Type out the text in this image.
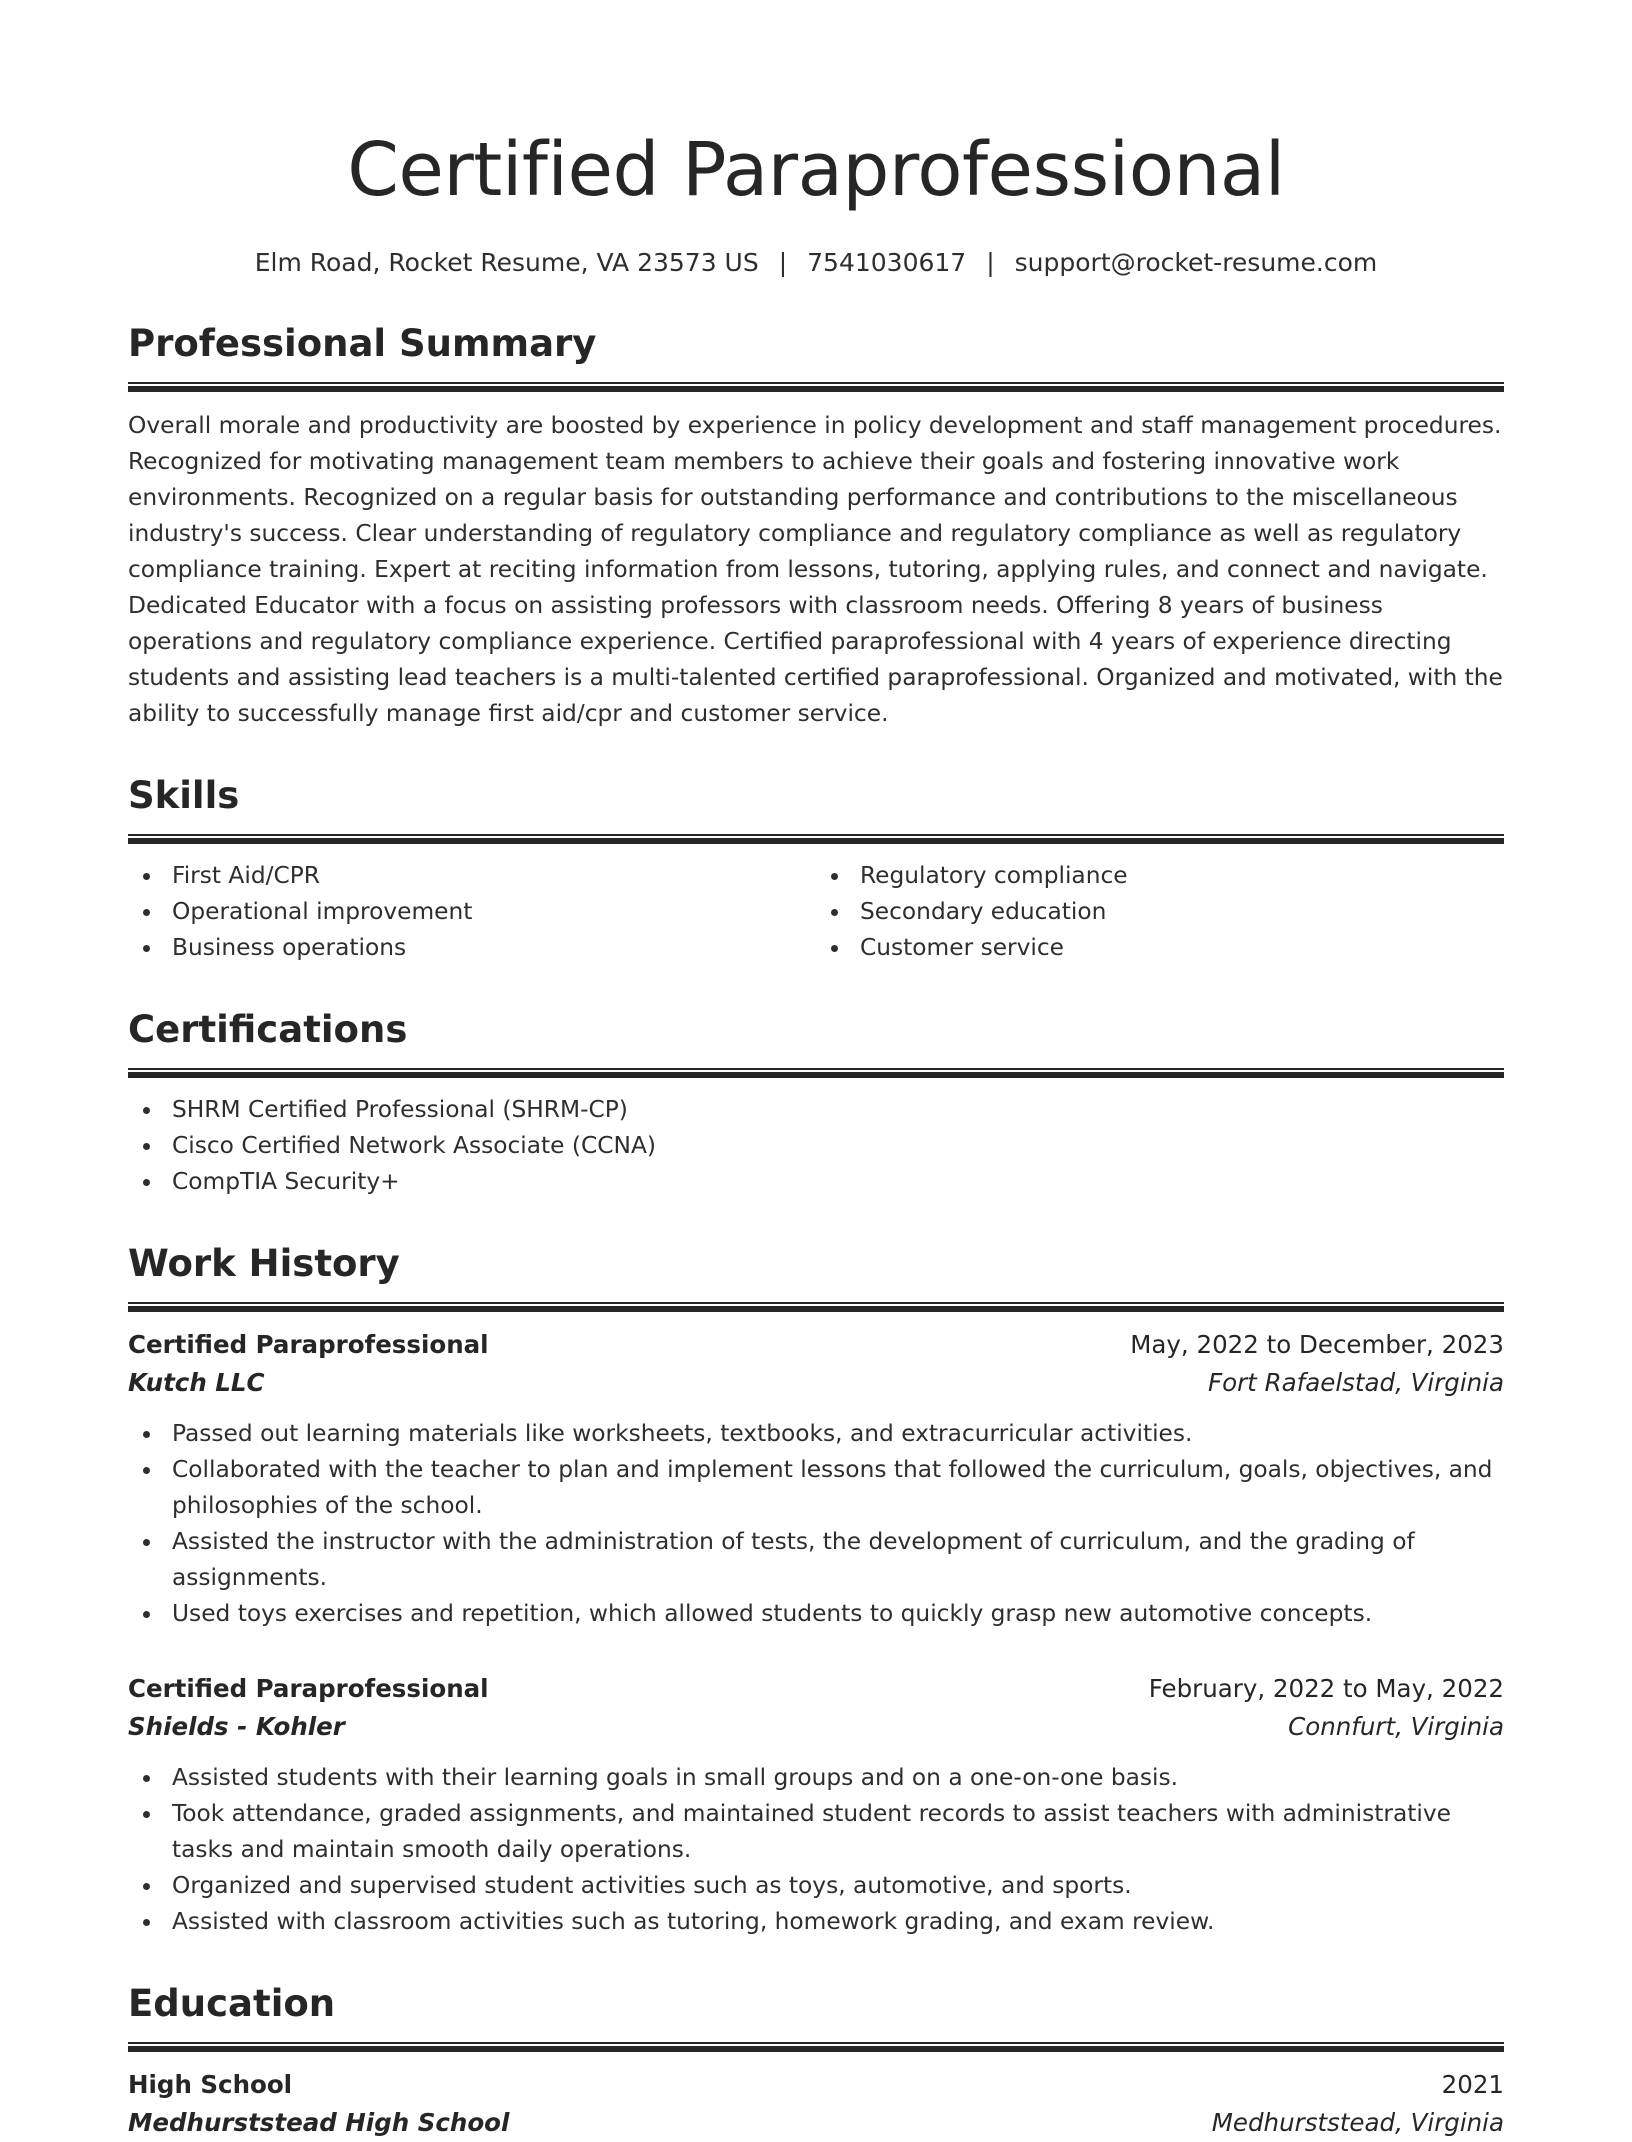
Certified Paraprofessional
Elm Road, Rocket Resume, VA 23573 US | 7541030617 | support@rocket-resume.com
Professional Summary

Overall morale and productivity are boosted by experience in policy development and staff management procedures. Recognized for motivating management team members to achieve their goals and fostering innovative work environments. Recognized on a regular basis for outstanding performance and contributions to the miscellaneous industry's success. Clear understanding of regulatory compliance and regulatory compliance as well as regulatory compliance training. Expert at reciting information from lessons, tutoring, applying rules, and connect and navigate. Dedicated Educator with a focus on assisting professors with classroom needs. Offering 8 years of business operations and regulatory compliance experience. Certified paraprofessional with 4 years of experience directing students and assisting lead teachers is a multi-talented certified paraprofessional. Organized and motivated, with the ability to successfully manage first aid/cpr and customer service.

Skills
First Aid/CPR
Operational improvement
Business operations
Regulatory compliance
Secondary education
Customer service
Certifications
SHRM Certified Professional (SHRM-CP)
Cisco Certified Network Associate (CCNA)
CompTIA Security+
Work History
Certified Paraprofessional	May, 2022 to December, 2023
Kutch LLC	Fort Rafaelstad, Virginia
Passed out learning materials like worksheets, textbooks, and extracurricular activities.
Collaborated with the teacher to plan and implement lessons that followed the curriculum, goals, objectives, and philosophies of the school.
Assisted the instructor with the administration of tests, the development of curriculum, and the grading of assignments.
Used toys exercises and repetition, which allowed students to quickly grasp new automotive concepts.
Certified Paraprofessional	February, 2022 to May, 2022
Shields - Kohler	Connfurt, Virginia
Assisted students with their learning goals in small groups and on a one-on-one basis.
Took attendance, graded assignments, and maintained student records to assist teachers with administrative tasks and maintain smooth daily operations.
Organized and supervised student activities such as toys, automotive, and sports.
Assisted with classroom activities such as tutoring, homework grading, and exam review.
Education
High School	2021
Medhurststead High School	Medhurststead, Virginia
